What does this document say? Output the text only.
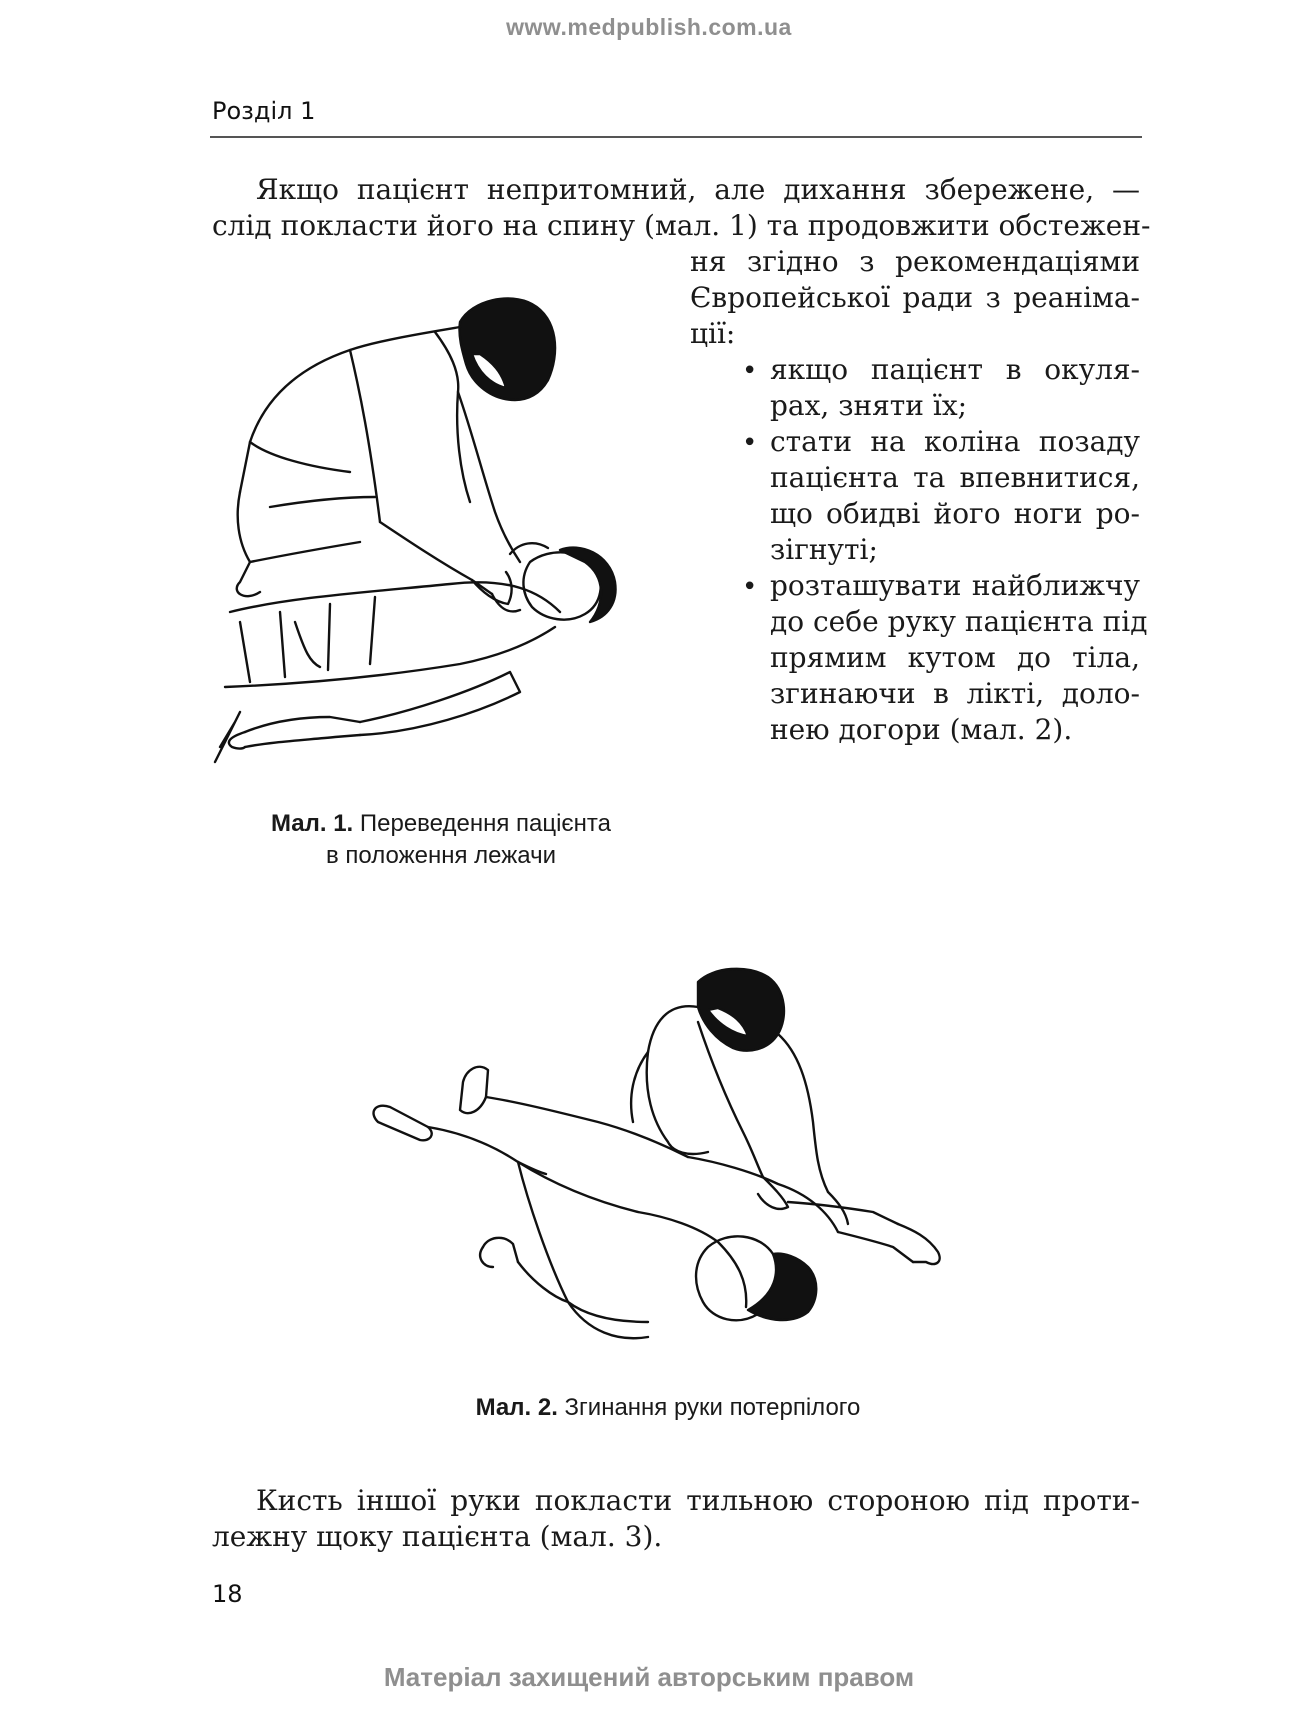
www.medpublish.com.ua
Розділ 1
Якщо пацієнт непритомний, але дихання збережене, —
слід покласти його на спину (мал. 1) та продовжити обстежен-
ня згідно з рекомендаціями
Європейської ради з реаніма-
ції:
• якщо пацієнт в окуля-
рах, зняти їх;
• стати на коліна позаду
пацієнта та впевнитися,
що обидві його ноги ро-
зігнуті;
• розташувати найближчу
до себе руку пацієнта під
прямим кутом до тіла,
згинаючи в лікті, доло-
нею догори (мал. 2).
Мал. 1. Переведення пацієнта
в положення лежачи
Мал. 2. Згинання руки потерпілого
Кисть іншої руки покласти тильною стороною під проти-
лежну щоку пацієнта (мал. 3).
18
Матеріал захищений авторським правом
